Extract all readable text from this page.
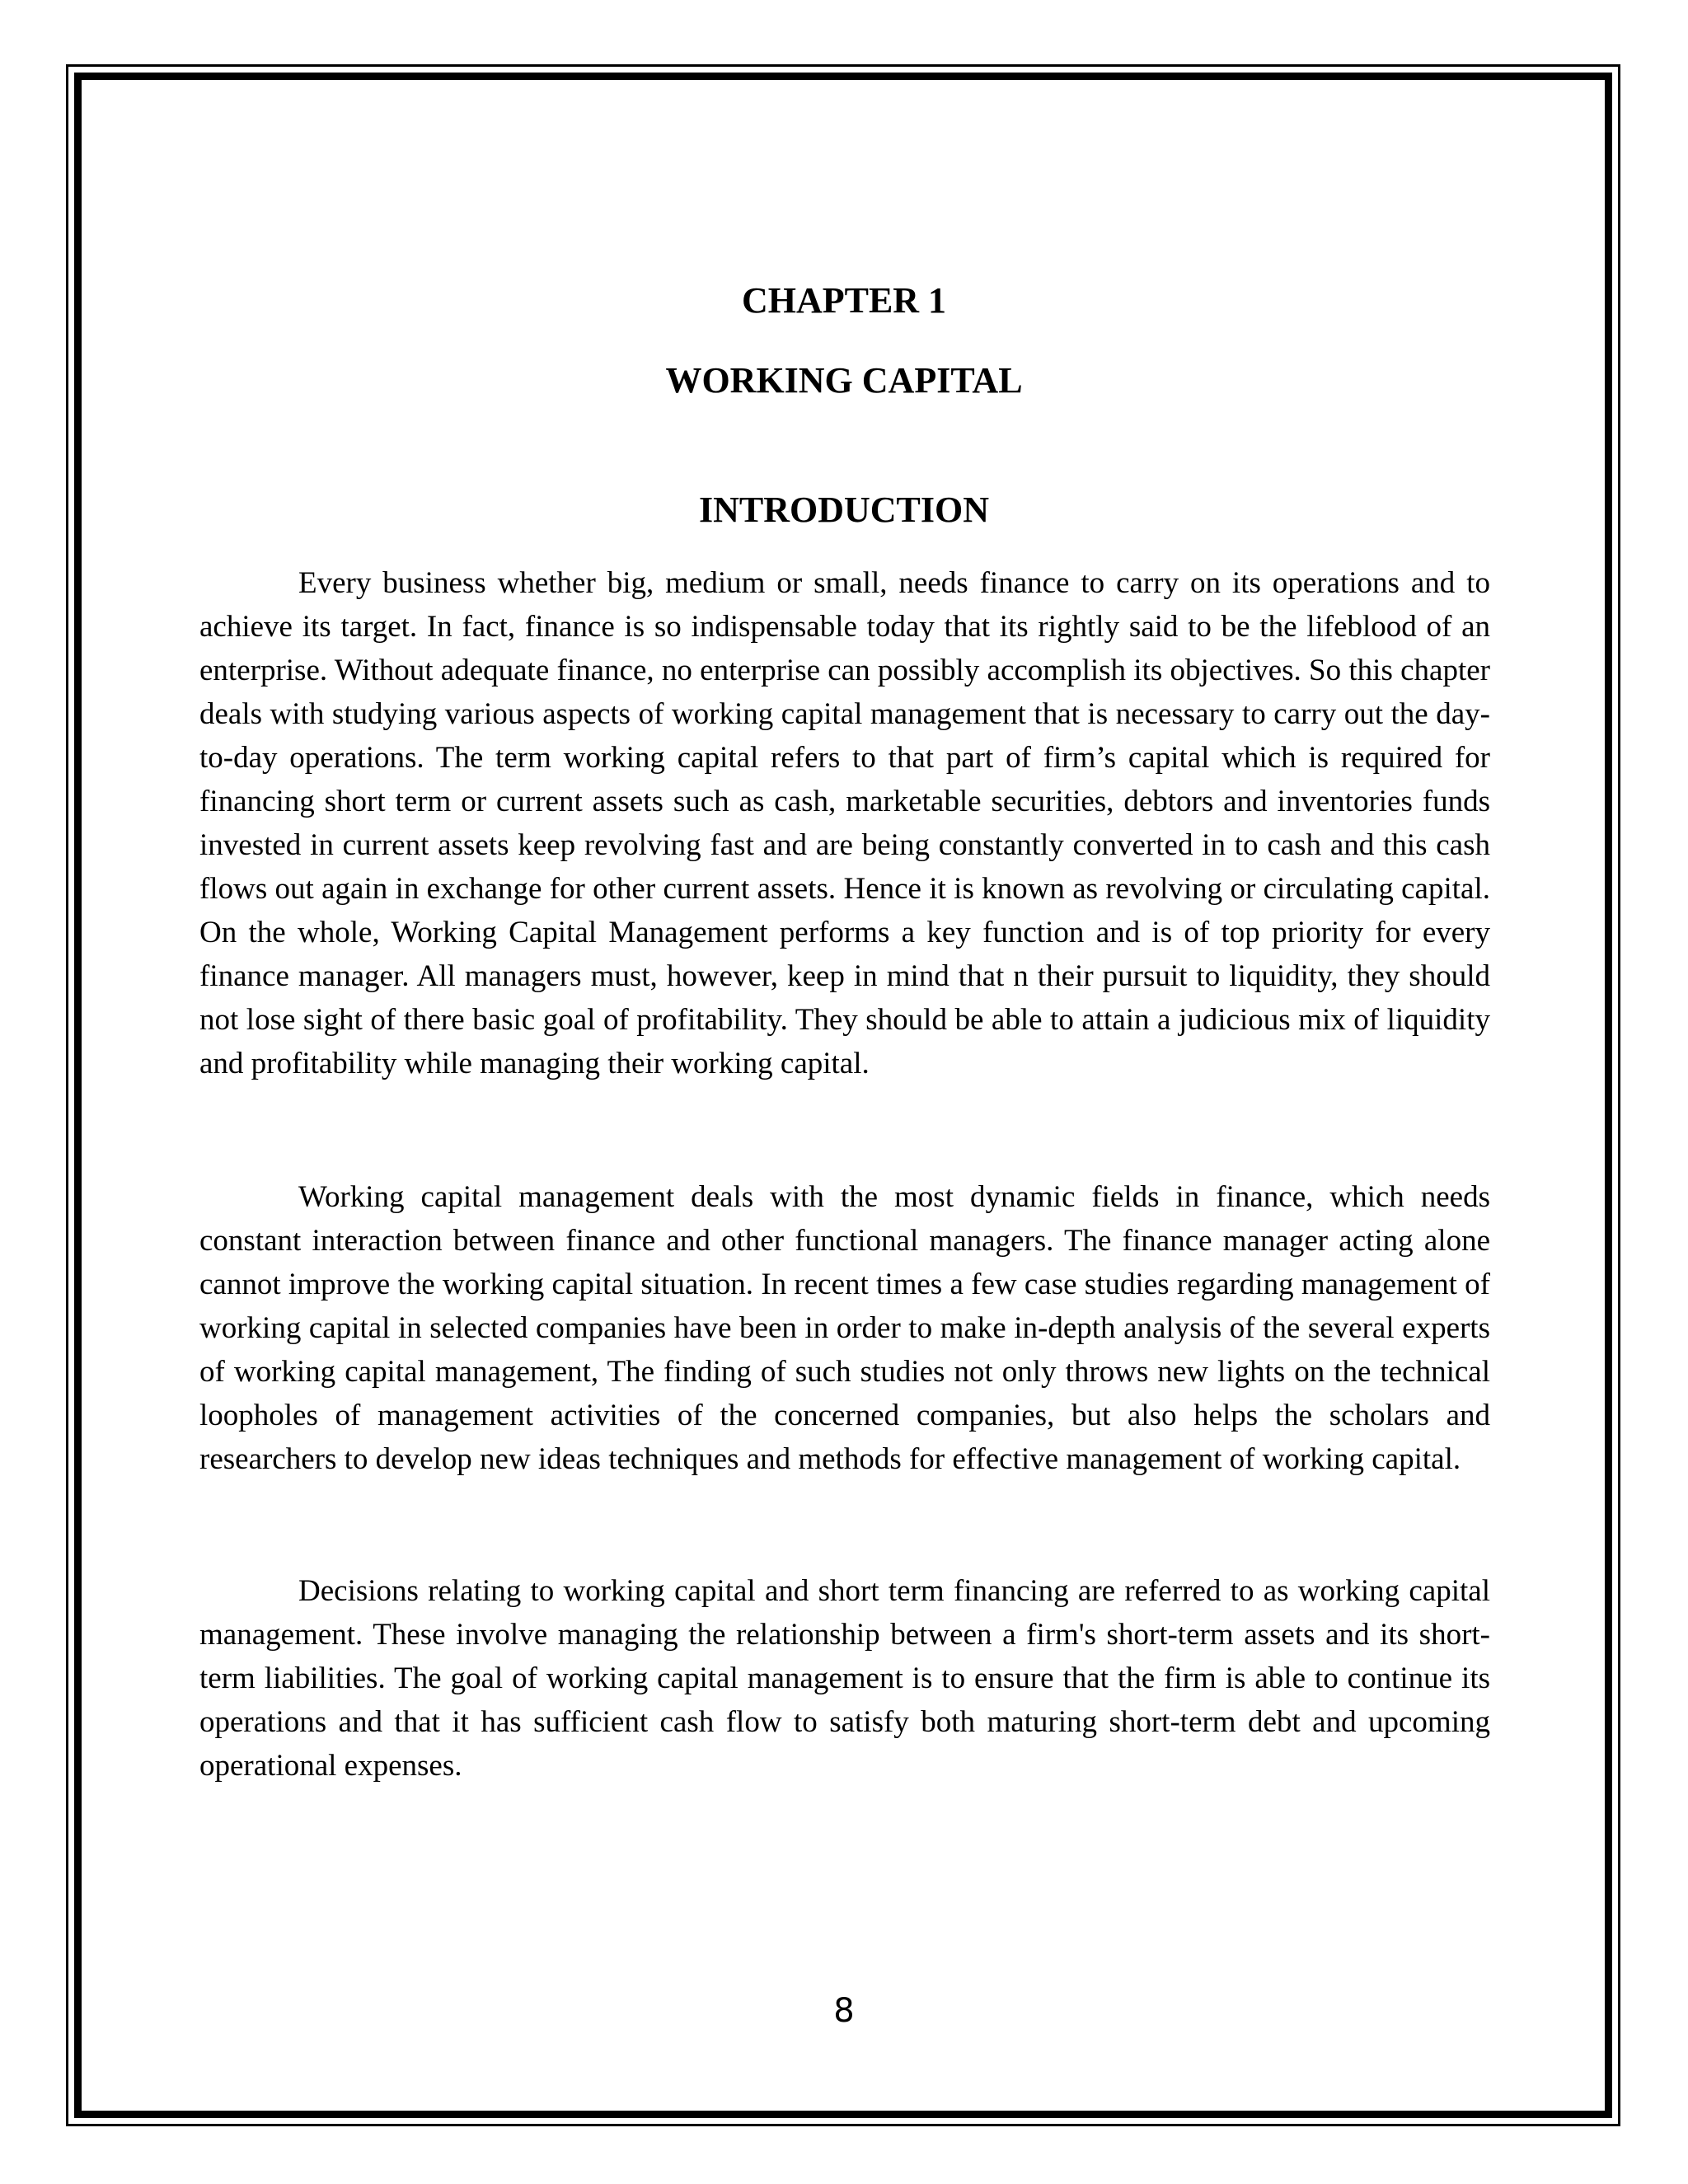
CHAPTER 1
WORKING CAPITAL
INTRODUCTION

Every business whether big, medium or small, needs finance to carry on its operations and to achieve its target. In fact, finance is so indispensable today that its rightly said to be the lifeblood of an enterprise. Without adequate finance, no enterprise can possibly accomplish its objectives. So this chapter deals with studying various aspects of working capital management that is necessary to carry out the day-to-day operations. The term working capital refers to that part of firm’s capital which is required for financing short term or current assets such as cash, marketable securities, debtors and inventories funds invested in current assets keep revolving fast and are being constantly converted in to cash and this cash flows out again in exchange for other current assets. Hence it is known as revolving or circulating capital. On the whole, Working Capital Management performs a key function and is of top priority for every finance manager. All managers must, however, keep in mind that n their pursuit to liquidity, they should not lose sight of there basic goal of profitability. They should be able to attain a judicious mix of liquidity and profitability while managing their working capital.

Working capital management deals with the most dynamic fields in finance, which needs constant interaction between finance and other functional managers. The finance manager acting alone cannot improve the working capital situation. In recent times a few case studies regarding management of working capital in selected companies have been in order to make in-depth analysis of the several experts of working capital management, The finding of such studies not only throws new lights on the technical loopholes of management activities of the concerned companies, but also helps the scholars and researchers to develop new ideas techniques and methods for effective management of working capital.

Decisions relating to working capital and short term financing are referred to as working capital management. These involve managing the relationship between a firm's short-term assets and its short-term liabilities. The goal of working capital management is to ensure that the firm is able to continue its operations and that it has sufficient cash flow to satisfy both maturing short-term debt and upcoming operational expenses.

8
